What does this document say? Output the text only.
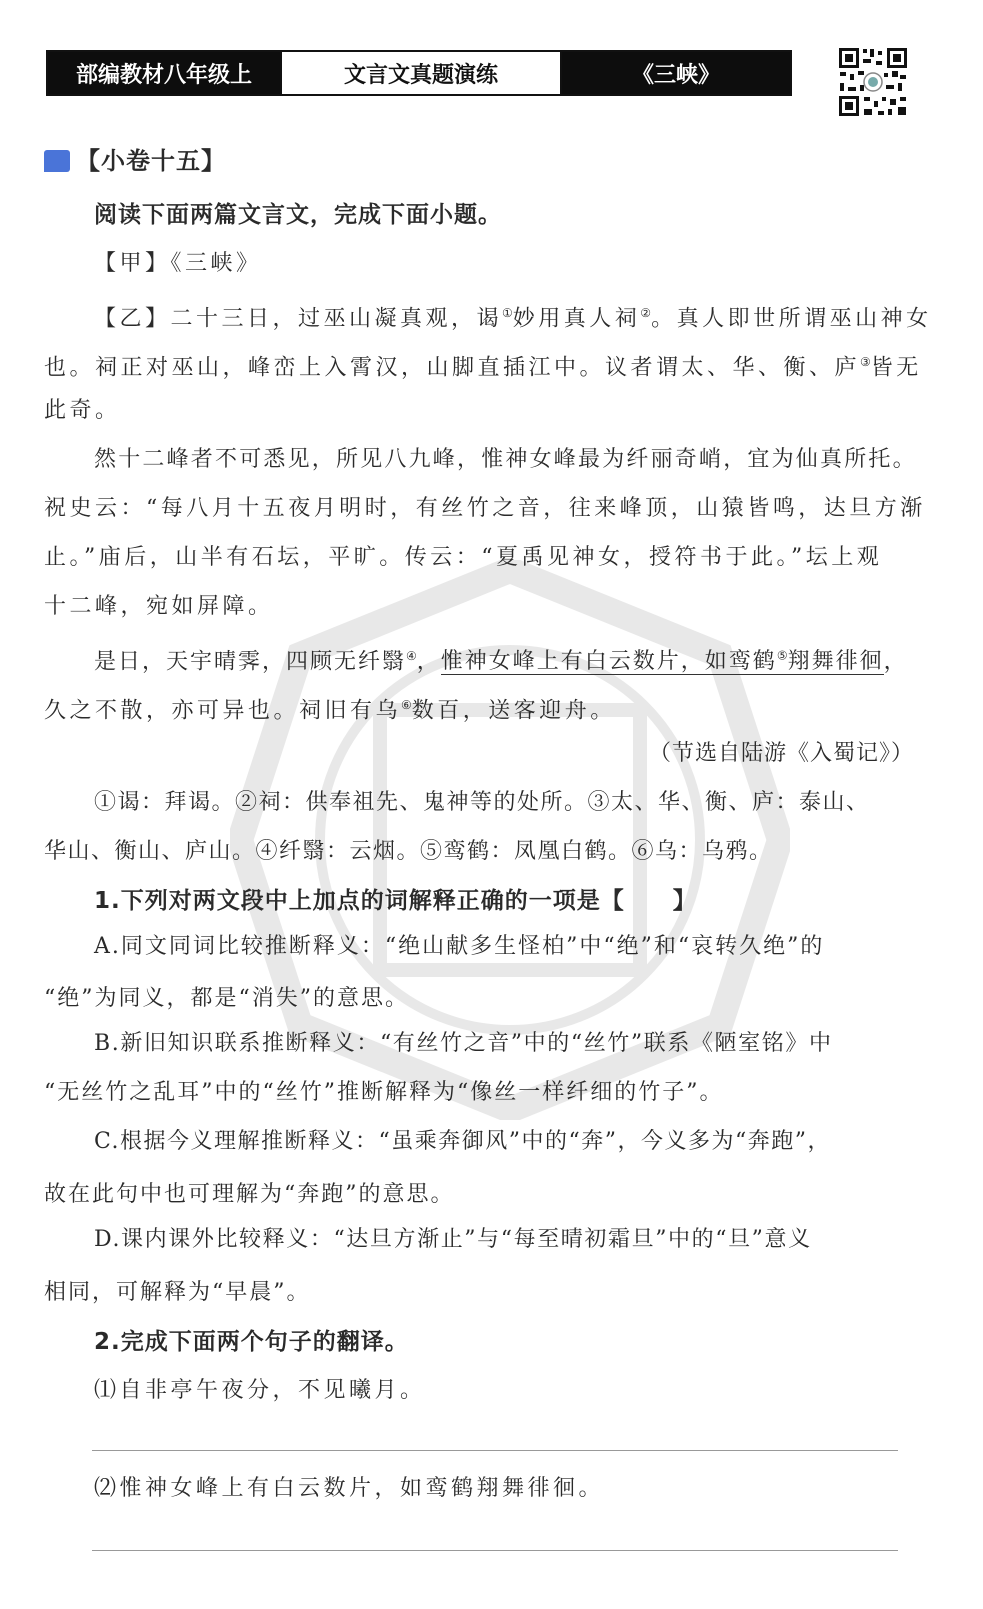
部编教材八年级上	文言文真题演练	《三峡》
【小卷十五】
阅读下面两篇文言文，完成下面小题。
【甲】《三峡》
【乙】二十三日，过巫山凝真观，谒①妙用真人祠②。真人即世所谓巫山神女
也。祠正对巫山，峰峦上入霄汉，山脚直插江中。议者谓太、华、衡、庐③皆无
此奇。
然十二峰者不可悉见，所见八九峰，惟神女峰最为纤丽奇峭，宜为仙真所托。
祝史云：“每八月十五夜月明时，有丝竹之音，往来峰顶，山猿皆鸣，达旦方渐
止。”庙后，山半有石坛，平旷。传云：“夏禹见神女，授符书于此。”坛上观
十二峰，宛如屏障。
是日，天宇晴霁，四顾无纤翳④，惟神女峰上有白云数片，如鸾鹤⑤翔舞徘徊，
久之不散，亦可异也。祠旧有乌⑥数百，送客迎舟。
（节选自陆游《入蜀记》）
①谒：拜谒。②祠：供奉祖先、鬼神等的处所。③太、华、衡、庐：泰山、
华山、衡山、庐山。④纤翳：云烟。⑤鸾鹤：凤凰白鹤。⑥乌：乌鸦。
1.下列对两文段中上加点的词解释正确的一项是【　　】
A.同文同词比较推断释义：“绝山献多生怪柏”中“绝”和“哀转久绝”的
“绝”为同义，都是“消失”的意思。
B.新旧知识联系推断释义：“有丝竹之音”中的“丝竹”联系《陋室铭》中
“无丝竹之乱耳”中的“丝竹”推断解释为“像丝一样纤细的竹子”。
C.根据今义理解推断释义：“虽乘奔御风”中的“奔”，今义多为“奔跑”，
故在此句中也可理解为“奔跑”的意思。
D.课内课外比较释义：“达旦方渐止”与“每至晴初霜旦”中的“旦”意义
相同，可解释为“早晨”。
2.完成下面两个句子的翻译。
⑴自非亭午夜分，不见曦月。
⑵惟神女峰上有白云数片，如鸾鹤翔舞徘徊。
